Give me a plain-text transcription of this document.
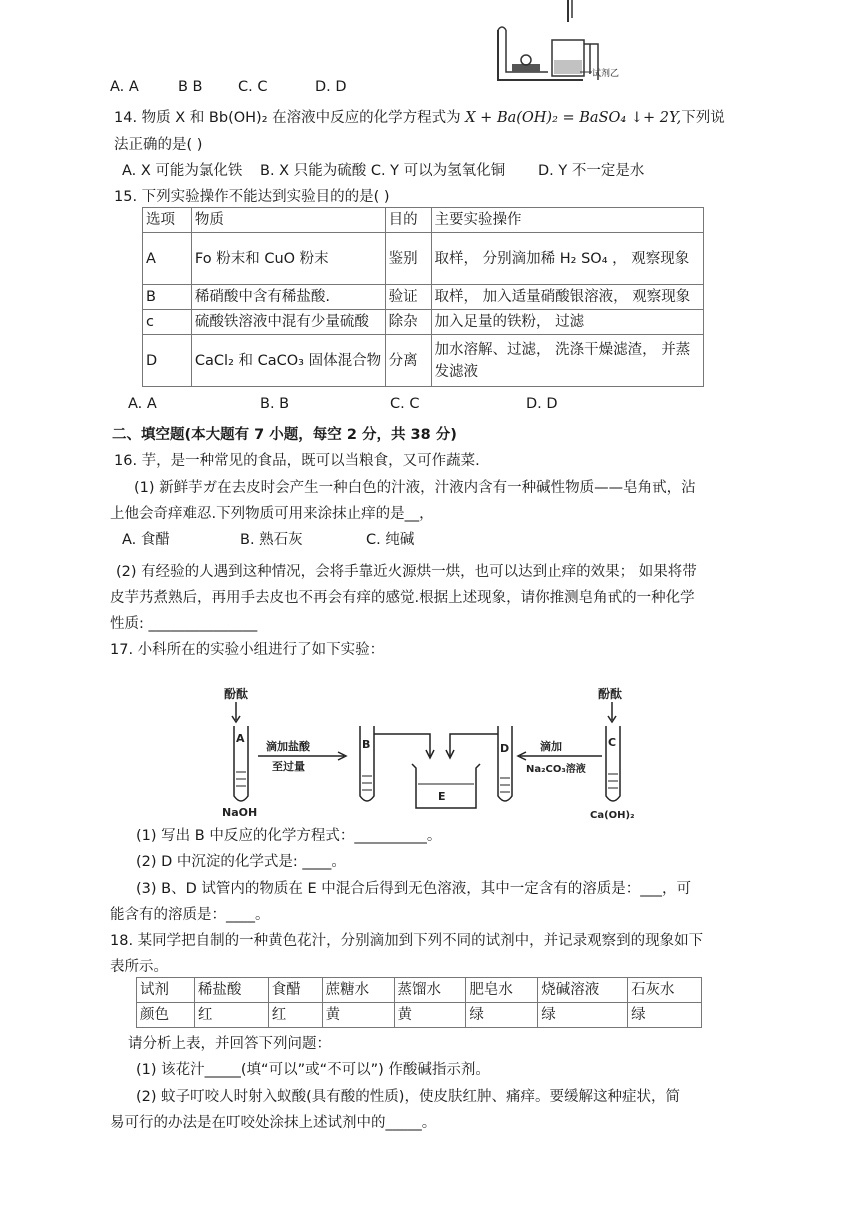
试剂乙
A. A	B B C. C	D. D
14. 物质 X 和 Bb(OH)₂ 在溶液中反应的化学方程式为 X + Ba(OH)₂ = BaSO₄ ↓+ 2Y,下列说
法正确的是( )
A. X 可能为氯化铁 B. X 只能为硫酸 C. Y 可以为氢氧化铜 D. Y 不一定是水
15. 下列实验操作不能达到实验目的的是( )
选项	物质	目的	主要实验操作
A	Fo 粉末和 CuO 粉末	鉴别	取样， 分别滴加稀 H₂ SO₄ ， 观察现象
B	稀硝酸中含有稀盐酸.	验证	取样， 加入适量硝酸银溶液， 观察现象
c	硫酸铁溶液中混有少量硫酸	除杂	加入足量的铁粉， 过滤
D	CaCl₂ 和 CaCO₃ 固体混合物	分离	加水溶解、过滤， 洗涤干燥滤渣， 并蒸发滤液
A. A	B. B	C. C	D. D
二、填空题(本大题有 7 小题，每空 2 分，共 38 分)
16. 芋，是一种常见的食品，既可以当粮食，又可作蔬菜.
(1) 新鲜芋ガ在去皮时会产生一种白色的汁液，汁液内含有一种碱性物质——皂角甙，沾
上他会奇痒难忍.下列物质可用来涂抹止痒的是__，
A. 食醋	B. 熟石灰	C. 纯碱
(2) 有经验的人遇到这种情况，会将手靠近火源烘一烘，也可以达到止痒的效果； 如果将带
皮芋艿煮熟后，再用手去皮也不再会有痒的感觉.根据上述现象，请你推测皂角甙的一种化学
性质: _______________
17. 小科所在的实验小组进行了如下实验：
酚酞
A
NaOH
滴加盐酸
至过量
B
E
D	滴加
Na₂CO₃溶液
酚酞
C
Ca(OH)₂
(1) 写出 B 中反应的化学方程式：__________。
(2) D 中沉淀的化学式是: ____。
(3) B、D 试管内的物质在 E 中混合后得到无色溶液，其中一定含有的溶质是：___，可
能含有的溶质是：____。
18. 某同学把自制的一种黄色花汁，分别滴加到下列不同的试剂中，并记录观察到的现象如下
表所示。
试剂	稀盐酸	食醋	蔗糖水	蒸馏水	肥皂水	烧碱溶液	石灰水
颜色	红	红	黄	黄	绿	绿	绿
请分析上表，并回答下列问题：
(1) 该花汁_____(填“可以”或“不可以”) 作酸碱指示剂。
(2) 蚊子叮咬人时射入蚁酸(具有酸的性质)，使皮肤红肿、痛痒。要缓解这种症状，简
易可行的办法是在叮咬处涂抹上述试剂中的_____。
